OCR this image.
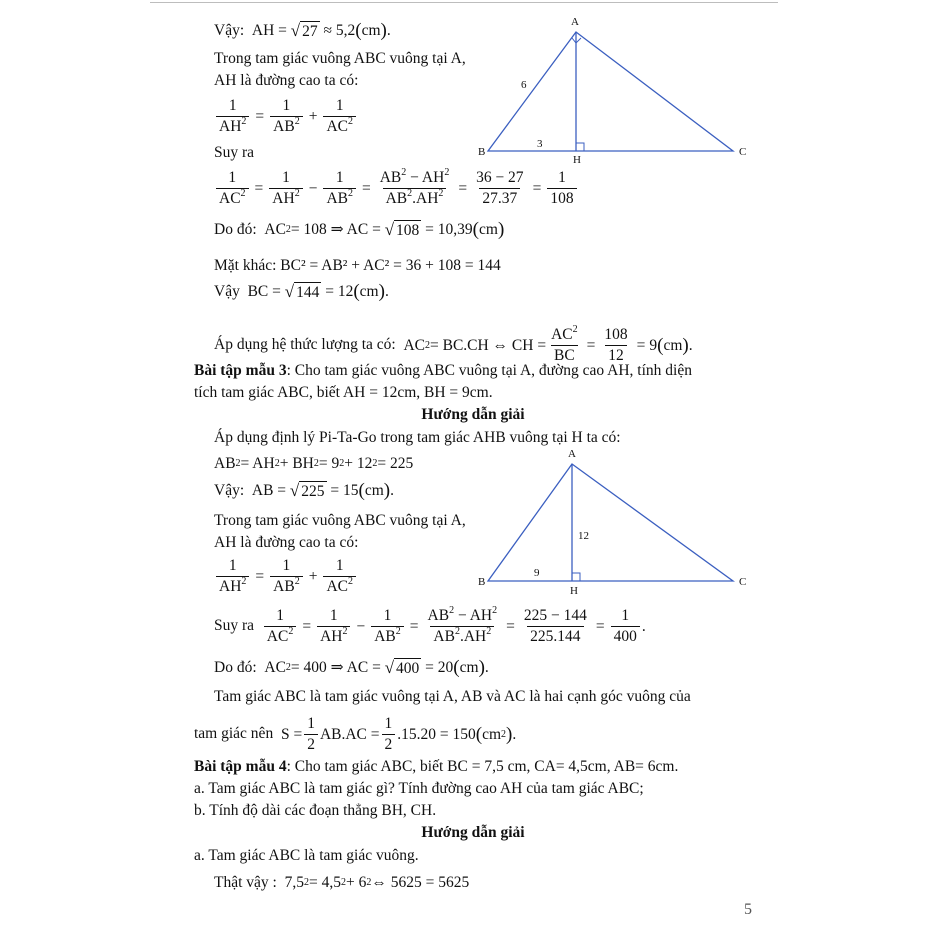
Vậy:  AH = √ 27 ≈ 5,2 ( cm ) .
Trong tam giác vuông ABC vuông tại A,
AH là đường cao ta có:
$\frac{1}{AH^2} = \frac{1}{AB^2} + \frac{1}{AC^2}$
Suy ra
$\frac{1}{AC^2} = \frac{1}{AH^2} - \frac{1}{AB^2} = \frac{AB^2 - AH^2}{AB^2.AH^2} = \frac{36 - 27}{27.37} = \frac{1}{108}$
Do đó:  AC 2 = 108 ⇒ AC = √ 108 = 10,39 ( cm )
Mặt khác: BC² = AB² + AC² = 36 + 108 = 144
Vậy  BC = √ 144 = 12 ( cm ) .
Áp dụng hệ thức lượng ta có:  AC 2 = BC.CH ⇔ CH = $\frac{AC^2}{BC} = \frac{108}{12} = 9$ ( cm ) .
A
B	C
H
6
3
Bài tập mẫu 3: Cho tam giác vuông ABC vuông tại A, đường cao AH, tính diện
tích tam giác ABC, biết AH = 12cm, BH = 9cm.
Hướng dẫn giải
Áp dụng định lý Pi-Ta-Go trong tam giác AHB vuông tại H ta có:
AB 2 = AH 2 + BH 2 = 9 2 + 12 2 = 225
Vậy:  AB = √ 225 = 15 ( cm ) .
Trong tam giác vuông ABC vuông tại A,
AH là đường cao ta có:
$\frac{1}{AH^2} = \frac{1}{AB^2} + \frac{1}{AC^2}$
Suy ra $\frac{1}{AC^2} = \frac{1}{AH^2} - \frac{1}{AB^2} = \frac{AB^2 - AH^2}{AB^2.AH^2} = \frac{225 - 144}{225.144} = \frac{1}{400}$ .
Do đó:  AC 2 = 400 ⇒ AC = √ 400 = 20 ( cm ) .
Tam giác ABC là tam giác vuông tại A, AB và AC là hai cạnh góc vuông của
tam giác nên  S =
1
2
AB.AC =
1
2
.15.20 = 150 ( cm 2 ) .
A
B	C
H
12
9
Bài tập mẫu 4: Cho tam giác ABC, biết BC = 7,5 cm, CA= 4,5cm, AB= 6cm.
a. Tam giác ABC là tam giác gì? Tính đường cao AH của tam giác ABC;
b. Tính độ dài các đoạn thẳng BH, CH.
Hướng dẫn giải
a. Tam giác ABC là tam giác vuông.
Thật vậy :  7,5 2 = 4,5 2 + 6 2 ⇔ 5625 = 5625
5
